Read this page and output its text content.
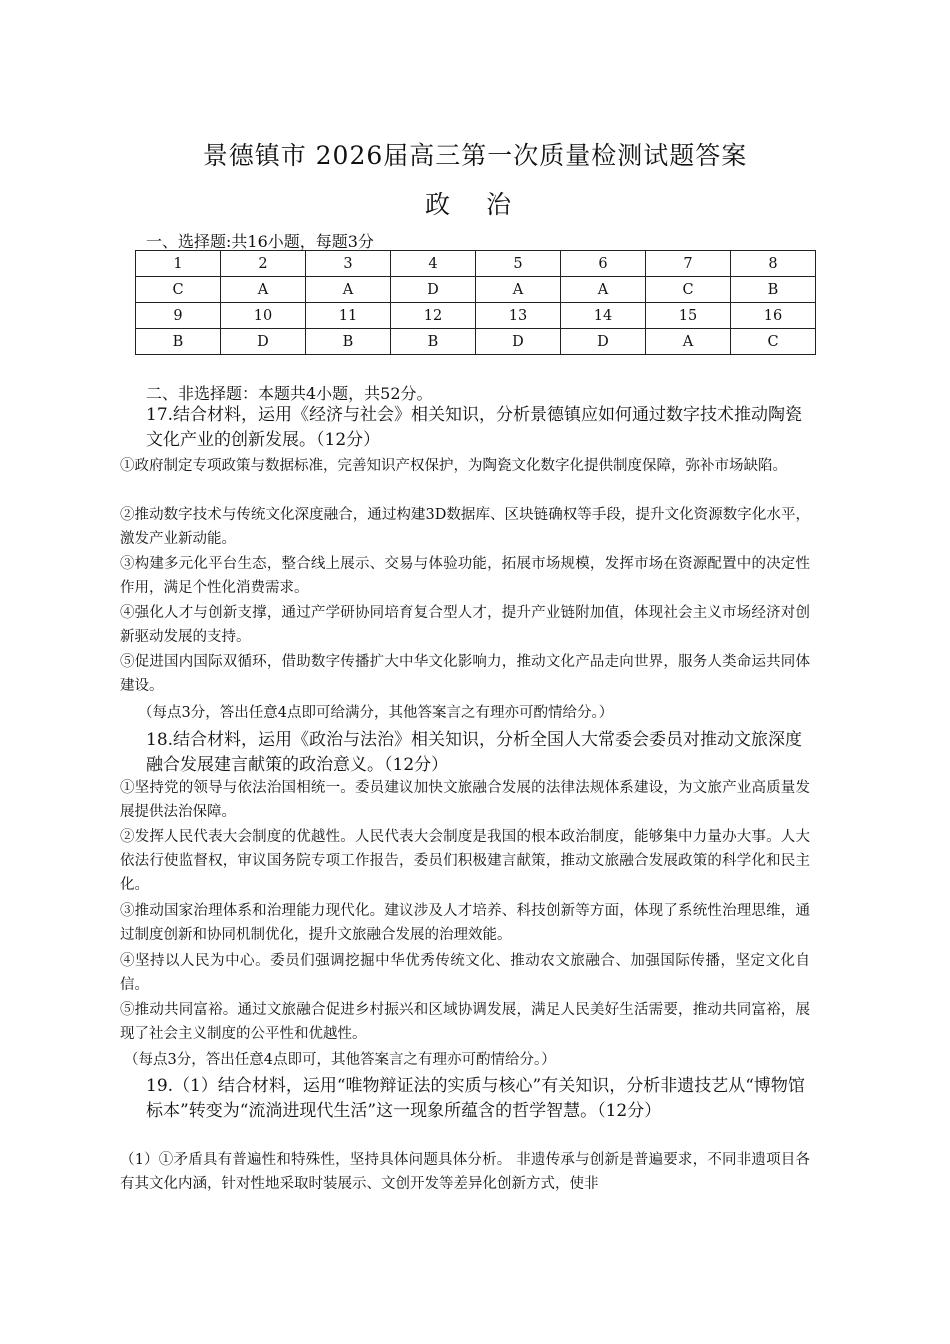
景德镇市 2026届高三第一次质量检测试题答案
政 治
一、选择题:共16小题，每题3分
1	2	3	4	5	6	7	8
C	A	A	D	A	A	C	B
9	10	11	12	13	14	15	16
B	D	B	B	D	D	A	C
二、非选择题：本题共4小题，共52分。
17.结合材料，运用《经济与社会》相关知识，分析景德镇应如何通过数字技术推动陶瓷文化产业的创新发展。（12分）
①政府制定专项政策与数据标准，完善知识产权保护，为陶瓷文化数字化提供制度保障，弥补市场缺陷。
②推动数字技术与传统文化深度融合，通过构建3D数据库、区块链确权等手段，提升文化资源数字化水平，激发产业新动能。
③构建多元化平台生态，整合线上展示、交易与体验功能，拓展市场规模，发挥市场在资源配置中的决定性作用，满足个性化消费需求。
④强化人才与创新支撑，通过产学研协同培育复合型人才，提升产业链附加值，体现社会主义市场经济对创新驱动发展的支持。
⑤促进国内国际双循环，借助数字传播扩大中华文化影响力，推动文化产品走向世界，服务人类命运共同体建设。
（每点3分，答出任意4点即可给满分，其他答案言之有理亦可酌情给分。）
18.结合材料，运用《政治与法治》相关知识，分析全国人大常委会委员对推动文旅深度融合发展建言献策的政治意义。（12分）
①坚持党的领导与依法治国相统一。委员建议加快文旅融合发展的法律法规体系建设，为文旅产业高质量发展提供法治保障。
②发挥人民代表大会制度的优越性。人民代表大会制度是我国的根本政治制度，能够集中力量办大事。人大依法行使监督权，审议国务院专项工作报告，委员们积极建言献策，推动文旅融合发展政策的科学化和民主化。
③推动国家治理体系和治理能力现代化。建议涉及人才培养、科技创新等方面，体现了系统性治理思维，通过制度创新和协同机制优化，提升文旅融合发展的治理效能。
④坚持以人民为中心。委员们强调挖掘中华优秀传统文化、推动农文旅融合、加强国际传播，坚定文化自信。
⑤推动共同富裕。通过文旅融合促进乡村振兴和区域协调发展，满足人民美好生活需要，推动共同富裕，展现了社会主义制度的公平性和优越性。
（每点3分，答出任意4点即可，其他答案言之有理亦可酌情给分。）
19.（1）结合材料，运用“唯物辩证法的实质与核心”有关知识，分析非遗技艺从“博物馆标本”转变为“流淌进现代生活”这一现象所蕴含的哲学智慧。（12分）
（1）①矛盾具有普遍性和特殊性，坚持具体问题具体分析。 非遗传承与创新是普遍要求，不同非遗项目各有其文化内涵，针对性地采取时装展示、文创开发等差异化创新方式，使非
